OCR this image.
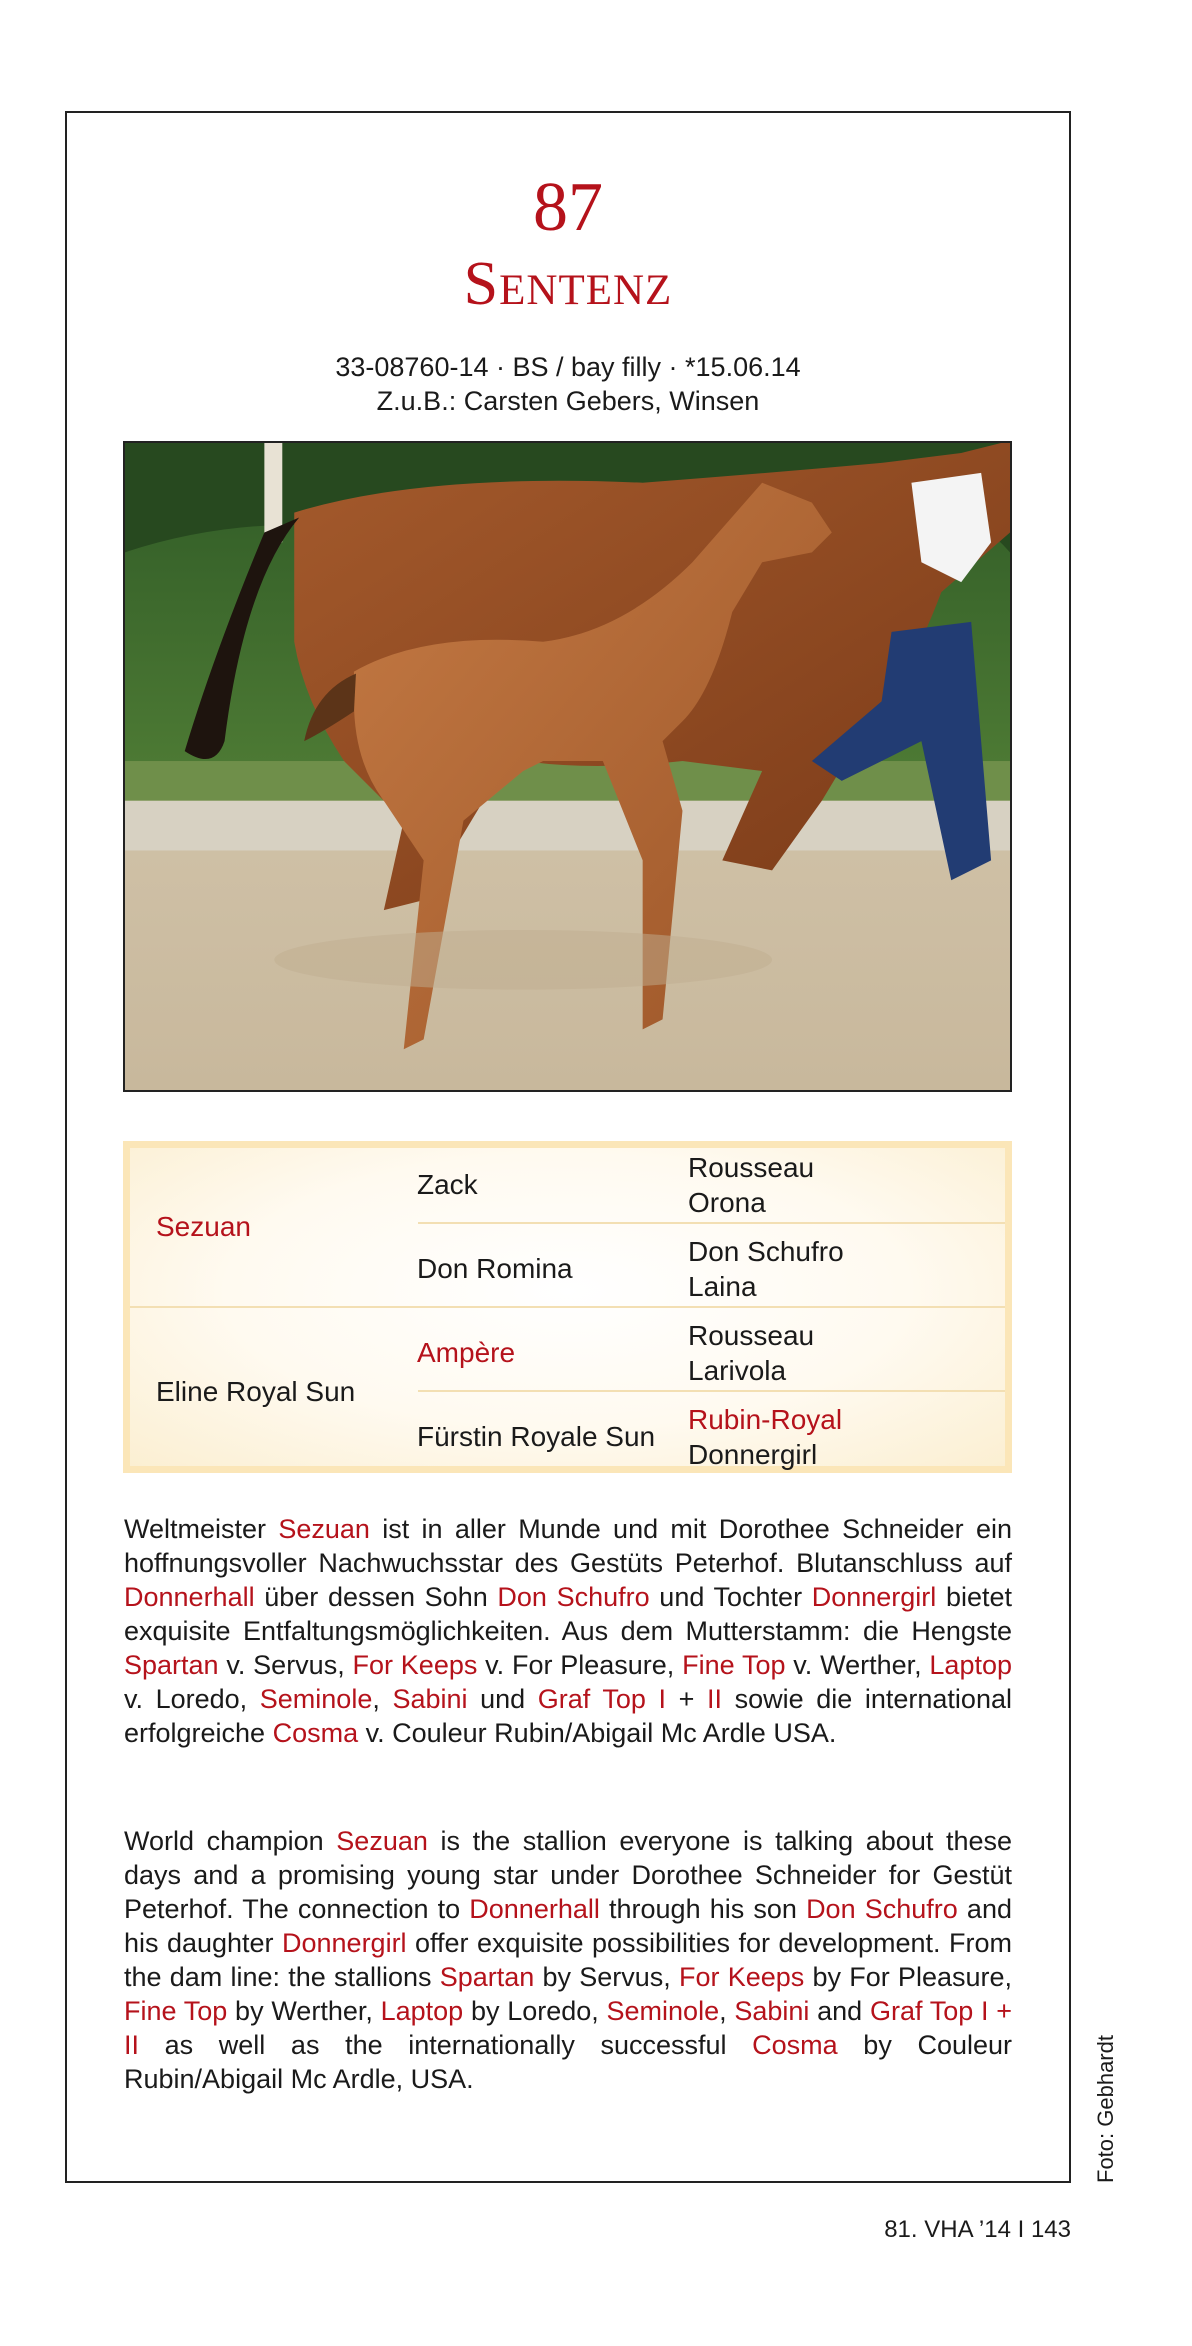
87
Sentenz
33-08760-14 · BS / bay filly · *15.06.14
Z.u.B.: Carsten Gebers, Winsen
Sezuan
Eline Royal Sun
Zack
Don Romina
Ampère
Fürstin Royale Sun
Rousseau
Orona
Don Schufro
Laina
Rousseau
Larivola
Rubin-Royal
Donnergirl

Weltmeister Sezuan ist in aller Munde und mit Dorothee Schneider ein hoffnungsvoller Nachwuchsstar des Gestüts Peterhof. Blutanschluss auf Donnerhall über dessen Sohn Don Schufro und Tochter Donnergirl bietet exquisite Entfaltungsmöglichkeiten. Aus dem Mutterstamm: die Hengste Spartan v. Servus, For Keeps v. For Pleasure, Fine Top v. Werther, Laptop v. Loredo, Seminole, Sabini und Graf Top I + II sowie die international erfolgreiche Cosma v. Couleur Rubin/Abigail Mc Ardle USA.

World champion Sezuan is the stallion everyone is talking about these days and a promising young star under Dorothee Schneider for Gestüt Peterhof. The connection to Donnerhall through his son Don Schufro and his daughter Donnergirl offer exquisite possibilities for development. From the dam line: the stallions Spartan by Servus, For Keeps by For Pleasure, Fine Top by Werther, Laptop by Loredo, Seminole, Sabini and Graf Top I + II as well as the internationally successful Cosma by Couleur Rubin/Abigail Mc Ardle, USA.	Foto: Gebhardt
81. VHA ’14 I 143
